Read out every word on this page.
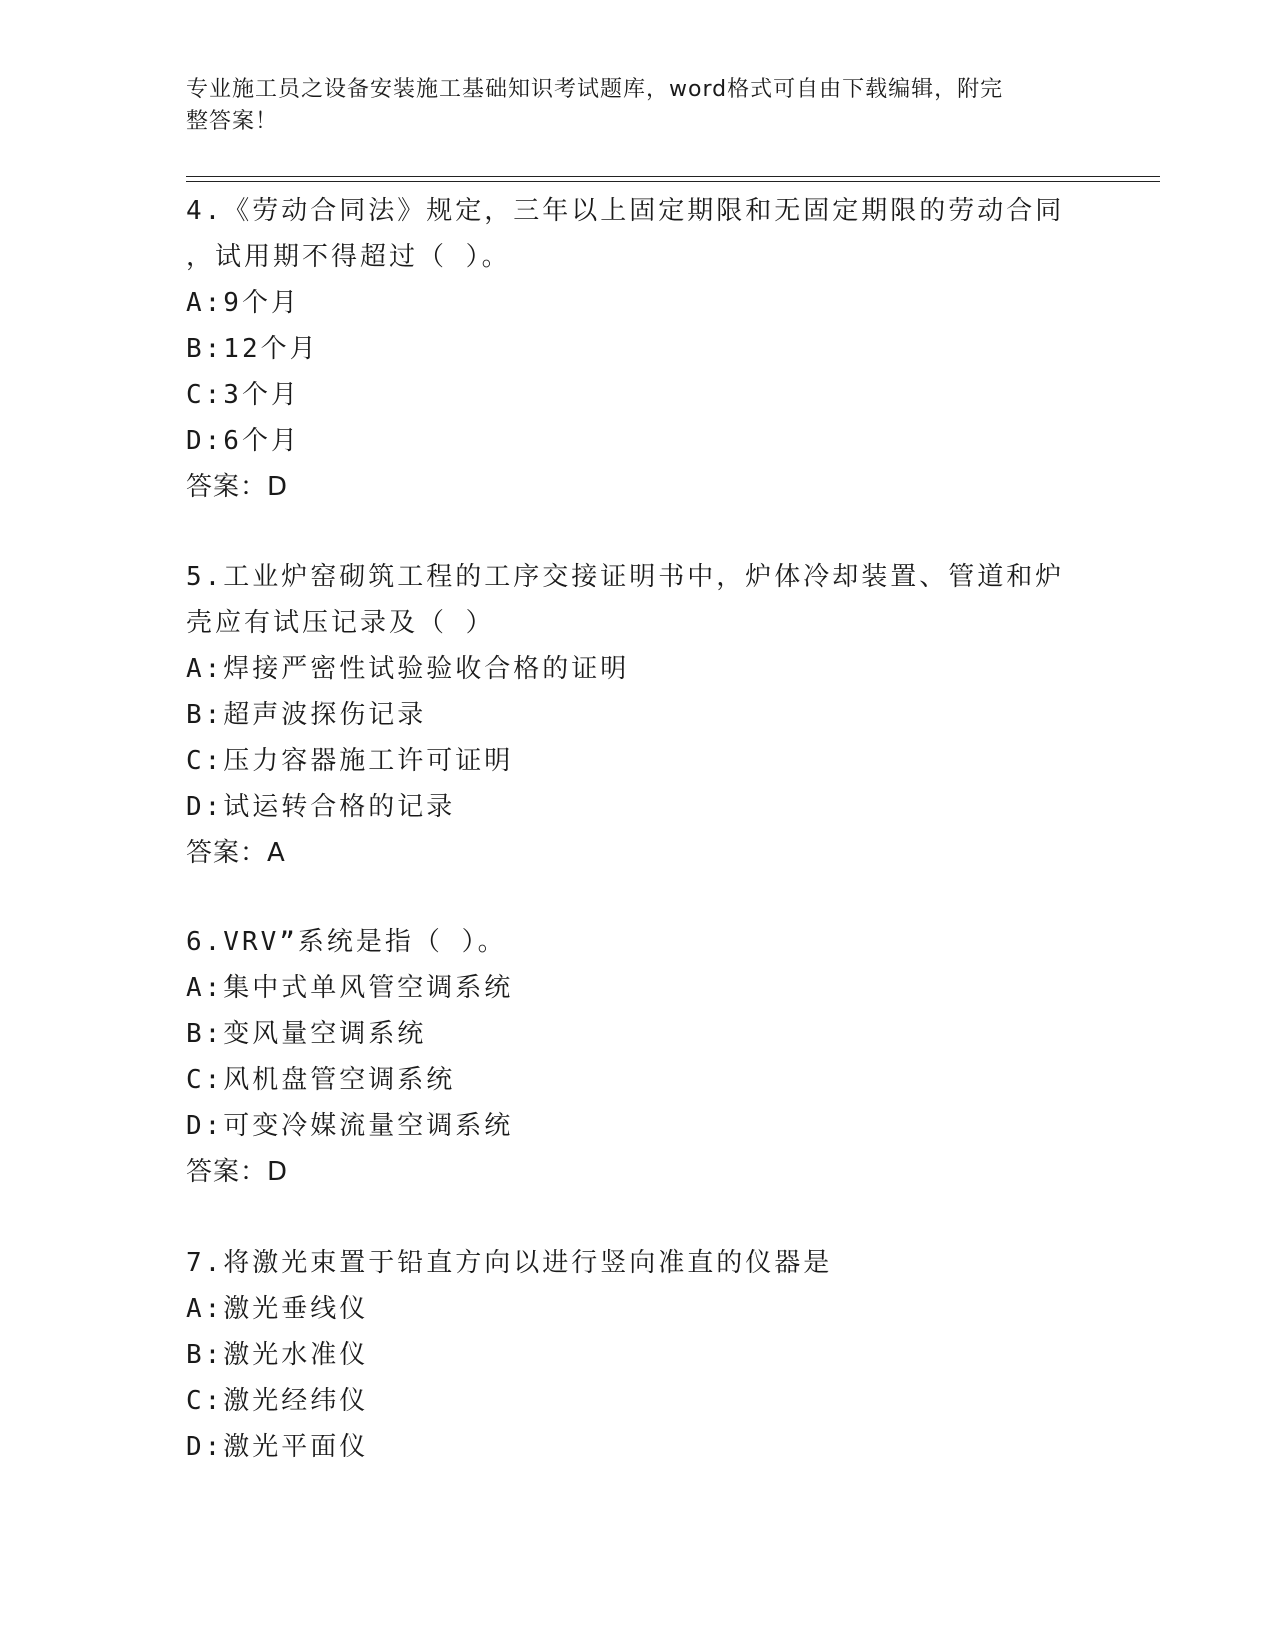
专业施工员之设备安装施工基础知识考试题库，word格式可自由下载编辑，附完
整答案！
4.《劳动合同法》规定，三年以上固定期限和无固定期限的劳动合同
，试用期不得超过（ ）。
A:9个月
B:12个月
C:3个月
D:6个月
答案：D
5.工业炉窑砌筑工程的工序交接证明书中，炉体冷却装置、管道和炉
壳应有试压记录及（ ）
A:焊接严密性试验验收合格的证明
B:超声波探伤记录
C:压力容器施工许可证明
D:试运转合格的记录
答案：A
6.VRV”系统是指（ ）。
A:集中式单风管空调系统
B:变风量空调系统
C:风机盘管空调系统
D:可变冷媒流量空调系统
答案：D
7.将激光束置于铅直方向以进行竖向准直的仪器是
A:激光垂线仪
B:激光水准仪
C:激光经纬仪
D:激光平面仪
